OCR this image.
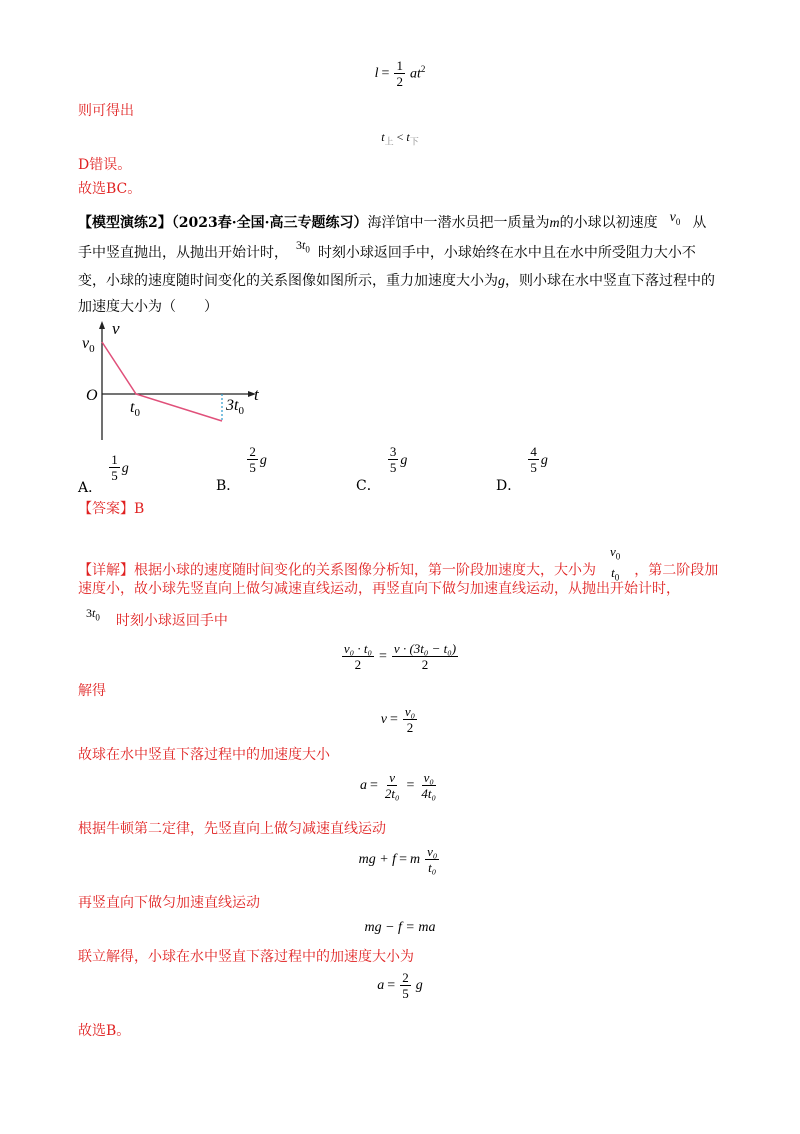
$l = \frac{1}{2} at^2$
则可得出
$t_上 < t_下$
D错误。
故选BC。
【模型演练2】（2023春·全国·高三专题练习）海洋馆中一潜水员把一质量为m的小球以初速度 $v_0$ 从
手中竖直抛出，从抛出开始计时， $3t_0$ 时刻小球返回手中，小球始终在水中且在水中所受阻力大小不
变，小球的速度随时间变化的关系图像如图所示，重力加速度大小为g，则小球在水中竖直下落过程中的
加速度大小为（　　）
v
$v_0$
O
$t_0$
t
$3t_0$
A．
$\frac{1}{5}$ g
B．
$\frac{2}{5}$ g
C．
$\frac{3}{5}$ g
D．
$\frac{4}{5}$ g
【答案】B
【详解】根据小球的速度随时间变化的关系图像分析知，第一阶段加速度大，大小为
$v_0$
$t_0$ ，第二阶段加
速度小，故小球先竖直向上做匀减速直线运动，再竖直向下做匀加速直线运动，从抛出开始计时，
$3t_0$ 时刻小球返回手中
$\frac{\text{v₀ · t₀}}{2} = \frac{\text{v · (3t₀ − t₀)}}{2}$
解得
$v = \frac{\text{v₀}}{2}$
故球在水中竖直下落过程中的加速度大小
$a = \frac{v}{\text{2t₀}} = \frac{\text{v₀}}{\text{4t₀}}$
根据牛顿第二定律，先竖直向上做匀减速直线运动
mg + f = m $\frac{\text{v₀}}{\text{t₀}}$
再竖直向下做匀加速直线运动
mg − f = ma
联立解得，小球在水中竖直下落过程中的加速度大小为
$a = \frac{2}{5}$ g
故选B。
